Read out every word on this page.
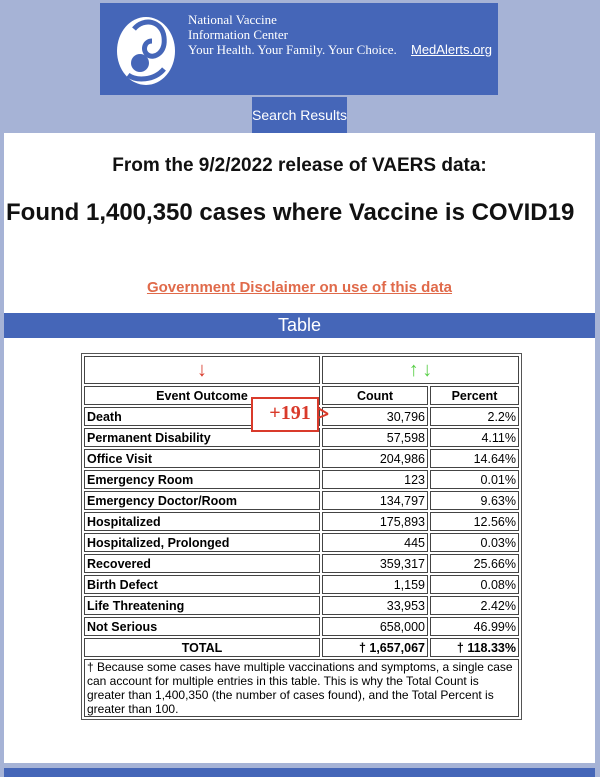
National Vaccine
Information Center
Your Health. Your Family. Your Choice. MedAlerts.org
Search Results
From the 9/2/2022 release of VAERS data:
Found 1,400,350 cases where Vaccine is COVID19
Government Disclaimer on use of this data
Table
↓	↑ ↓	
Event Outcome	Count	Percent
Death	30,796	2.2%
Permanent Disability	57,598	4.11%
Office Visit	204,986	14.64%
Emergency Room	123	0.01%
Emergency Doctor/Room	134,797	9.63%
Hospitalized	175,893	12.56%
Hospitalized, Prolonged	445	0.03%
Recovered	359,317	25.66%
Birth Defect	1,159	0.08%
Life Threatening	33,953	2.42%
Not Serious	658,000	46.99%
TOTAL	† 1,657,067	† 118.33%
† Because some cases have multiple vaccinations and symptoms, a single case can account for multiple entries in this table. This is why the Total Count is greater than 1,400,350 (the number of cases found), and the Total Percent is greater than 100.		
+191
